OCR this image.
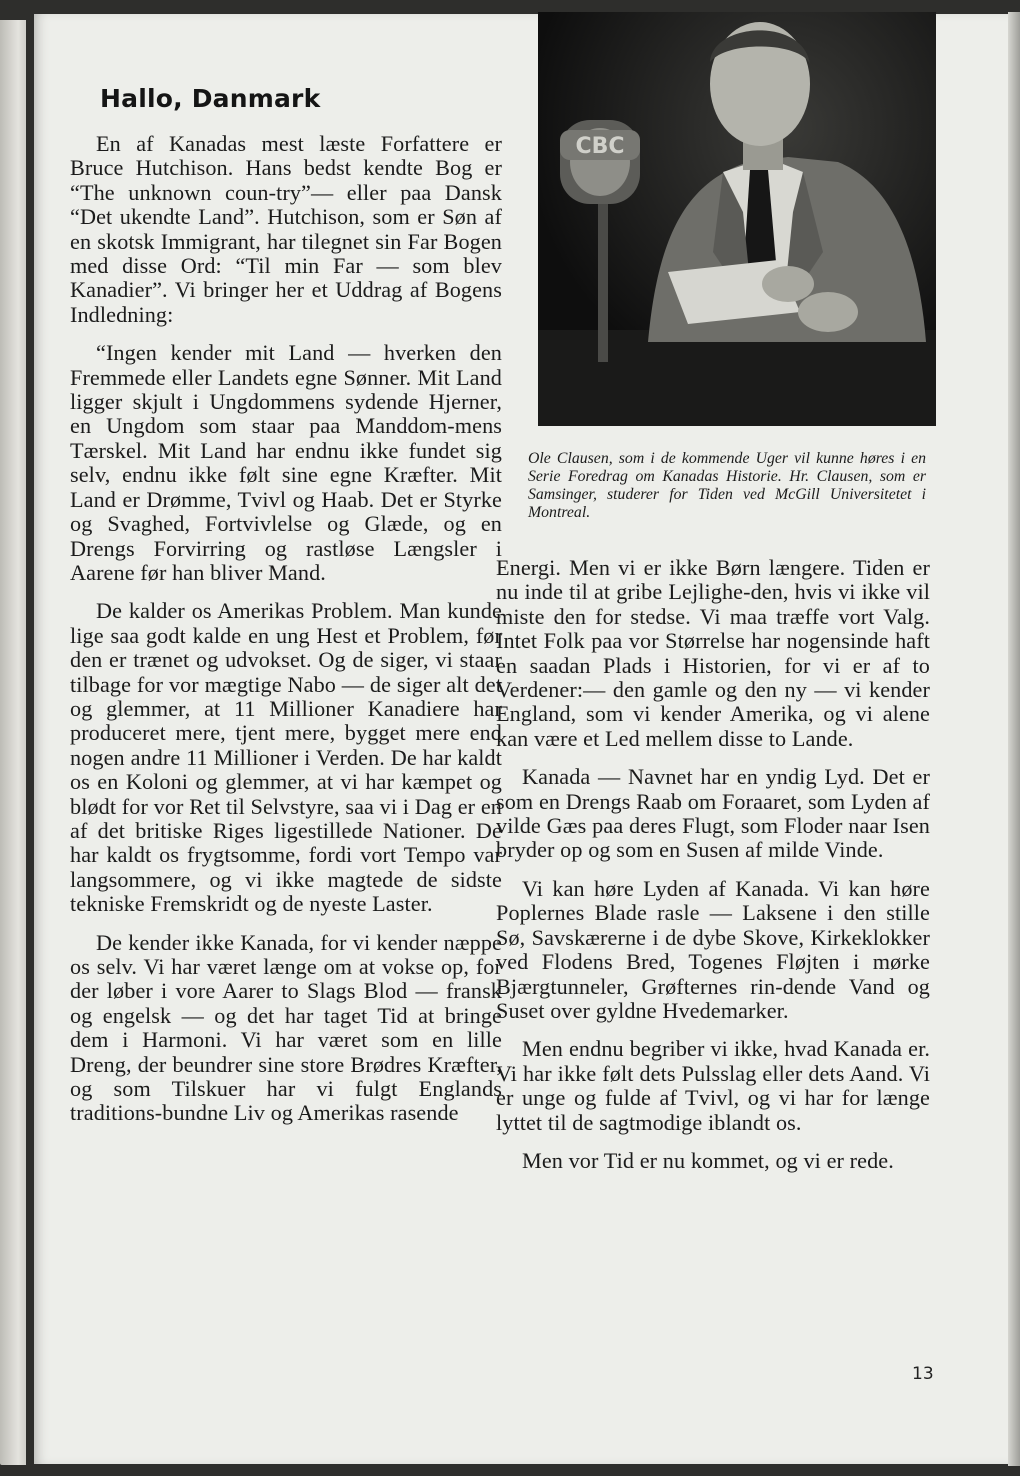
Hallo, Danmark

En af Kanadas mest læste Forfattere er Bruce Hutchison. Hans bedst kendte Bog er “The unknown coun-try”— eller paa Dansk “Det ukendte Land”. Hutchison, som er Søn af en skotsk Immigrant, har tilegnet sin Far Bogen med disse Ord: “Til min Far — som blev Kanadier”. Vi bringer her et Uddrag af Bogens Indledning:

“Ingen kender mit Land — hverken den Fremmede eller Landets egne Sønner. Mit Land ligger skjult i Ungdommens sydende Hjerner, en Ungdom som staar paa Manddom-mens Tærskel. Mit Land har endnu ikke fundet sig selv, endnu ikke følt sine egne Kræfter. Mit Land er Drømme, Tvivl og Haab. Det er Styrke og Svaghed, Fortvivlelse og Glæde, og en Drengs Forvirring og rastløse Længsler i Aarene før han bliver Mand.

De kalder os Amerikas Problem. Man kunde lige saa godt kalde en ung Hest et Problem, før den er trænet og udvokset. Og de siger, vi staar tilbage for vor mægtige Nabo — de siger alt det og glemmer, at 11 Millioner Kanadiere har produceret mere, tjent mere, bygget mere end nogen andre 11 Millioner i Verden. De har kaldt os en Koloni og glemmer, at vi har kæmpet og blødt for vor Ret til Selvstyre, saa vi i Dag er en af det britiske Riges ligestillede Nationer. De har kaldt os frygtsomme, fordi vort Tempo var langsommere, og vi ikke magtede de sidste tekniske Fremskridt og de nyeste Laster.

De kender ikke Kanada, for vi kender næppe os selv. Vi har været længe om at vokse op, for der løber i vore Aarer to Slags Blod — fransk og engelsk — og det har taget Tid at bringe dem i Harmoni. Vi har været som en lille Dreng, der beundrer sine store Brødres Kræfter, og som Tilskuer har vi fulgt Englands traditions-bundne Liv og Amerikas rasende

CBC
Ole Clausen, som i de kommende Uger vil kunne høres i en Serie Foredrag om Kanadas Historie. Hr. Clausen, som er Samsinger, studerer for Tiden ved McGill Universitetet i Montreal.

Energi. Men vi er ikke Børn længere. Tiden er nu inde til at gribe Lejlighe-den, hvis vi ikke vil miste den for stedse. Vi maa træffe vort Valg. Intet Folk paa vor Størrelse har nogensinde haft en saadan Plads i Historien, for vi er af to Verdener:— den gamle og den ny — vi kender England, som vi kender Amerika, og vi alene kan være et Led mellem disse to Lande.

Kanada — Navnet har en yndig Lyd. Det er som en Drengs Raab om Foraaret, som Lyden af vilde Gæs paa deres Flugt, som Floder naar Isen bryder op og som en Susen af milde Vinde.

Vi kan høre Lyden af Kanada. Vi kan høre Poplernes Blade rasle — Laksene i den stille Sø, Savskærerne i de dybe Skove, Kirkeklokker ved Flodens Bred, Togenes Fløjten i mørke Bjærgtunneler, Grøfternes rin-dende Vand og Suset over gyldne Hvedemarker.

Men endnu begriber vi ikke, hvad Kanada er. Vi har ikke følt dets Pulsslag eller dets Aand. Vi er unge og fulde af Tvivl, og vi har for længe lyttet til de sagtmodige iblandt os.

Men vor Tid er nu kommet, og vi er rede.

13
